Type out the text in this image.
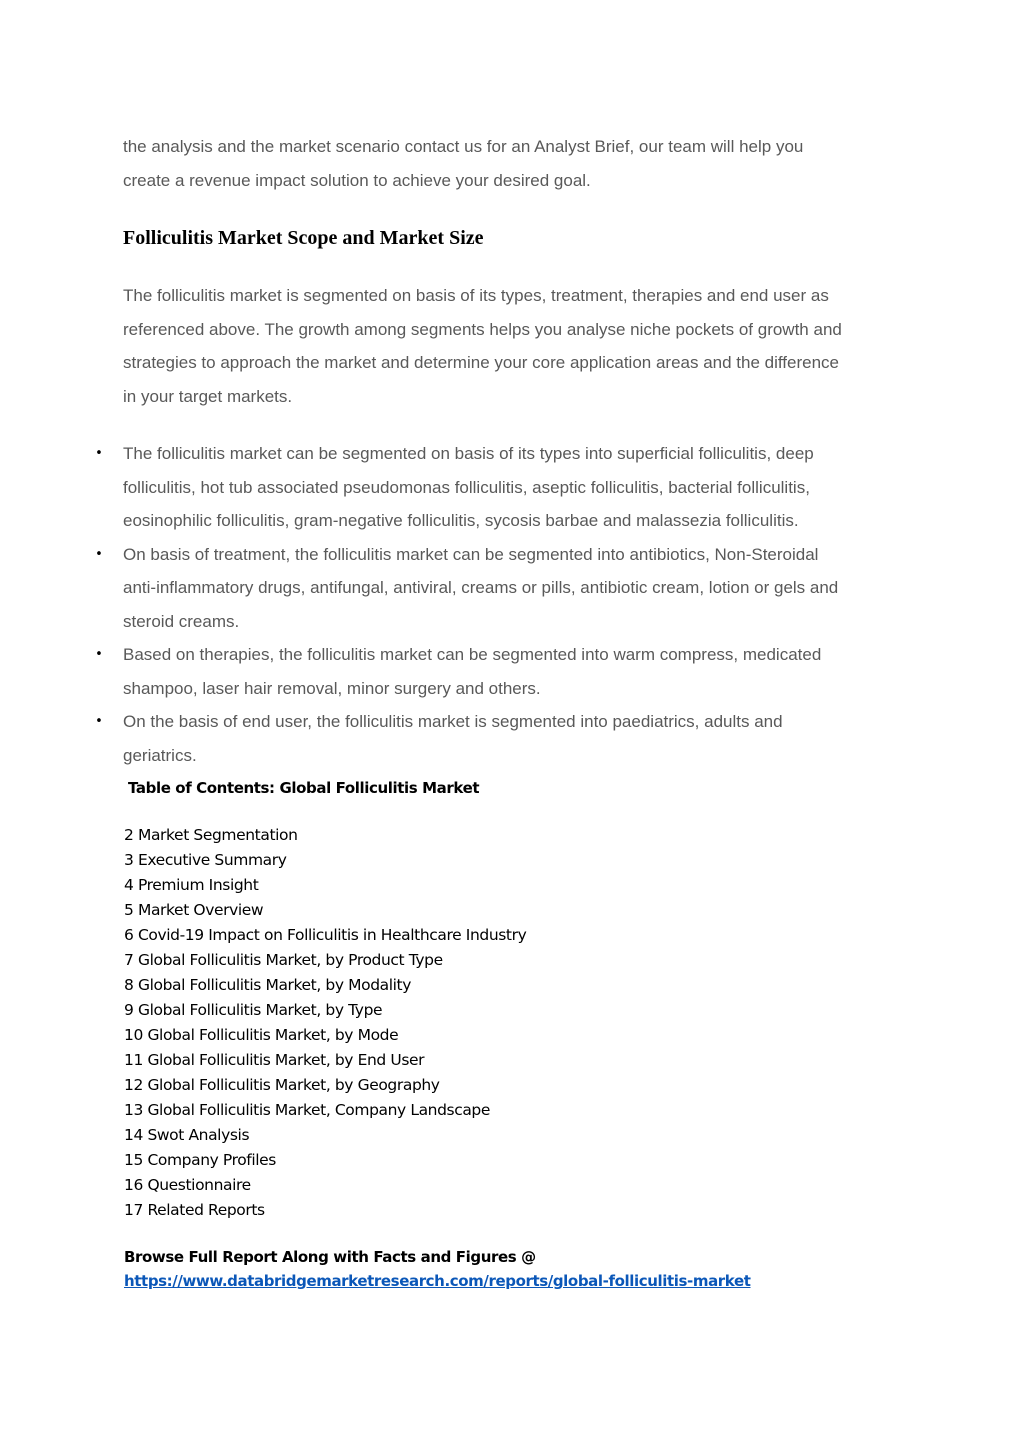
the analysis and the market scenario contact us for an Analyst Brief, our team will help you

create a revenue impact solution to achieve your desired goal.

Folliculitis Market Scope and Market Size

The folliculitis market is segmented on basis of its types, treatment, therapies and end user as

referenced above. The growth among segments helps you analyse niche pockets of growth and

strategies to approach the market and determine your core application areas and the difference

in your target markets.

• The folliculitis market can be segmented on basis of its types into superficial folliculitis, deep
folliculitis, hot tub associated pseudomonas folliculitis, aseptic folliculitis, bacterial folliculitis,
eosinophilic folliculitis, gram-negative folliculitis, sycosis barbae and malassezia folliculitis.
• On basis of treatment, the folliculitis market can be segmented into antibiotics, Non-Steroidal
anti-inflammatory drugs, antifungal, antiviral, creams or pills, antibiotic cream, lotion or gels and
steroid creams.
• Based on therapies, the folliculitis market can be segmented into warm compress, medicated
shampoo, laser hair removal, minor surgery and others.
• On the basis of end user, the folliculitis market is segmented into paediatrics, adults and
geriatrics.
Table of Contents: Global Folliculitis Market
2 Market Segmentation
3 Executive Summary
4 Premium Insight
5 Market Overview
6 Covid-19 Impact on Folliculitis in Healthcare Industry
7 Global Folliculitis Market, by Product Type
8 Global Folliculitis Market, by Modality
9 Global Folliculitis Market, by Type
10 Global Folliculitis Market, by Mode
11 Global Folliculitis Market, by End User
12 Global Folliculitis Market, by Geography
13 Global Folliculitis Market, Company Landscape
14 Swot Analysis
15 Company Profiles
16 Questionnaire
17 Related Reports
Browse Full Report Along with Facts and Figures @
https://www.databridgemarketresearch.com/reports/global-folliculitis-market
